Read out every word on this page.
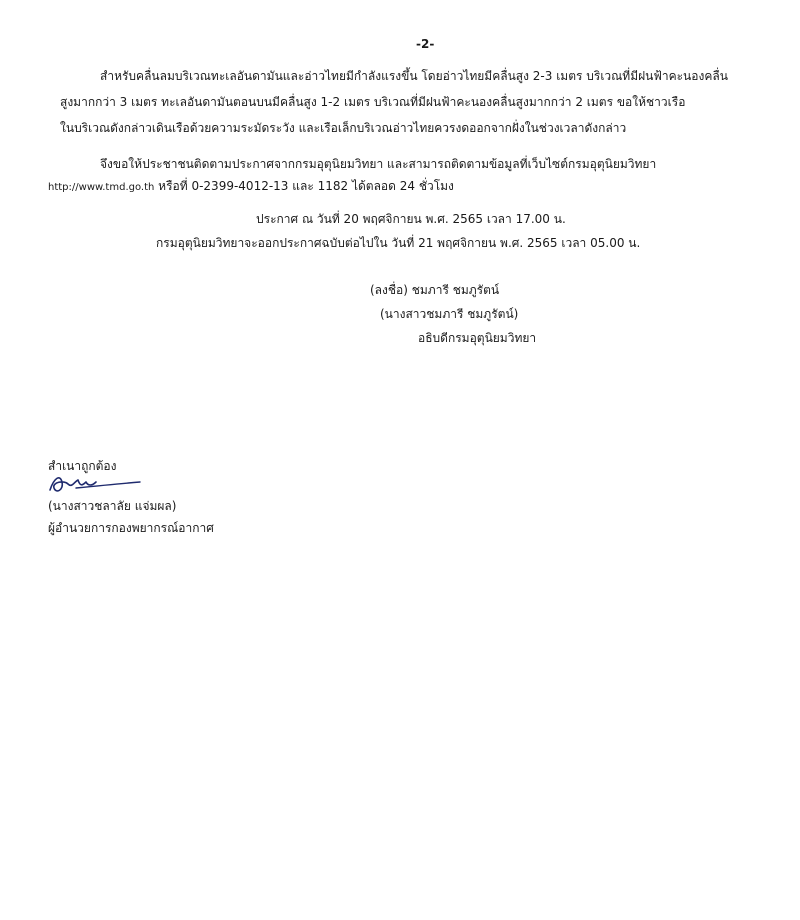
-2-
สำหรับคลื่นลมบริเวณทะเลอันดามันและอ่าวไทยมีกำลังแรงขึ้น โดยอ่าวไทยมีคลื่นสูง 2-3 เมตร บริเวณที่มีฝนฟ้าคะนองคลื่น
สูงมากกว่า 3 เมตร ทะเลอันดามันตอนบนมีคลื่นสูง 1-2 เมตร บริเวณที่มีฝนฟ้าคะนองคลื่นสูงมากกว่า 2 เมตร ขอให้ชาวเรือ
ในบริเวณดังกล่าวเดินเรือด้วยความระมัดระวัง และเรือเล็กบริเวณอ่าวไทยควรงดออกจากฝั่งในช่วงเวลาดังกล่าว
จึงขอให้ประชาชนติดตามประกาศจากกรมอุตุนิยมวิทยา และสามารถติดตามข้อมูลที่เว็บไซต์กรมอุตุนิยมวิทยา
http://www.tmd.go.th หรือที่ 0-2399-4012-13 และ 1182 ได้ตลอด 24 ชั่วโมง
ประกาศ ณ วันที่ 20 พฤศจิกายน พ.ศ. 2565 เวลา 17.00 น.
กรมอุตุนิยมวิทยาจะออกประกาศฉบับต่อไปใน วันที่ 21 พฤศจิกายน พ.ศ. 2565 เวลา 05.00 น.
(ลงชื่อ) ชมภารี ชมภูรัตน์
(นางสาวชมภารี ชมภูรัตน์)
อธิบดีกรมอุตุนิยมวิทยา
สำเนาถูกต้อง
(นางสาวชลาลัย แจ่มผล)
ผู้อำนวยการกองพยากรณ์อากาศ
